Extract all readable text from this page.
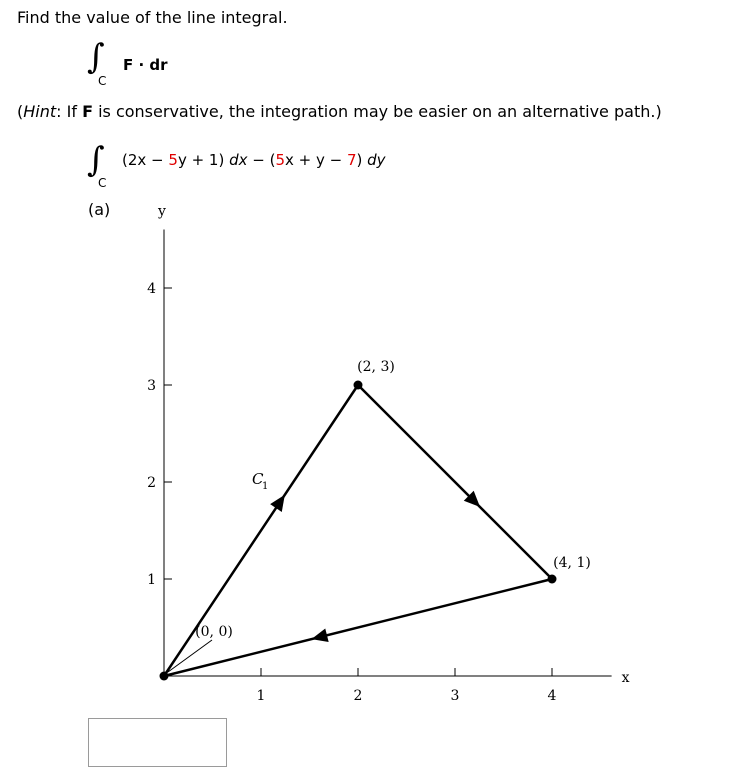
Find the value of the line integral.
∫
C
F · dr
(Hint: If F is conservative, the integration may be easier on an alternative path.)
∫
C
(2x − 5y + 1) dx − (5x + y − 7) dy
(a)
1	2	3	4
1
2
3
4
x
y
(0, 0)
(2, 3)
(4, 1)
C
1
